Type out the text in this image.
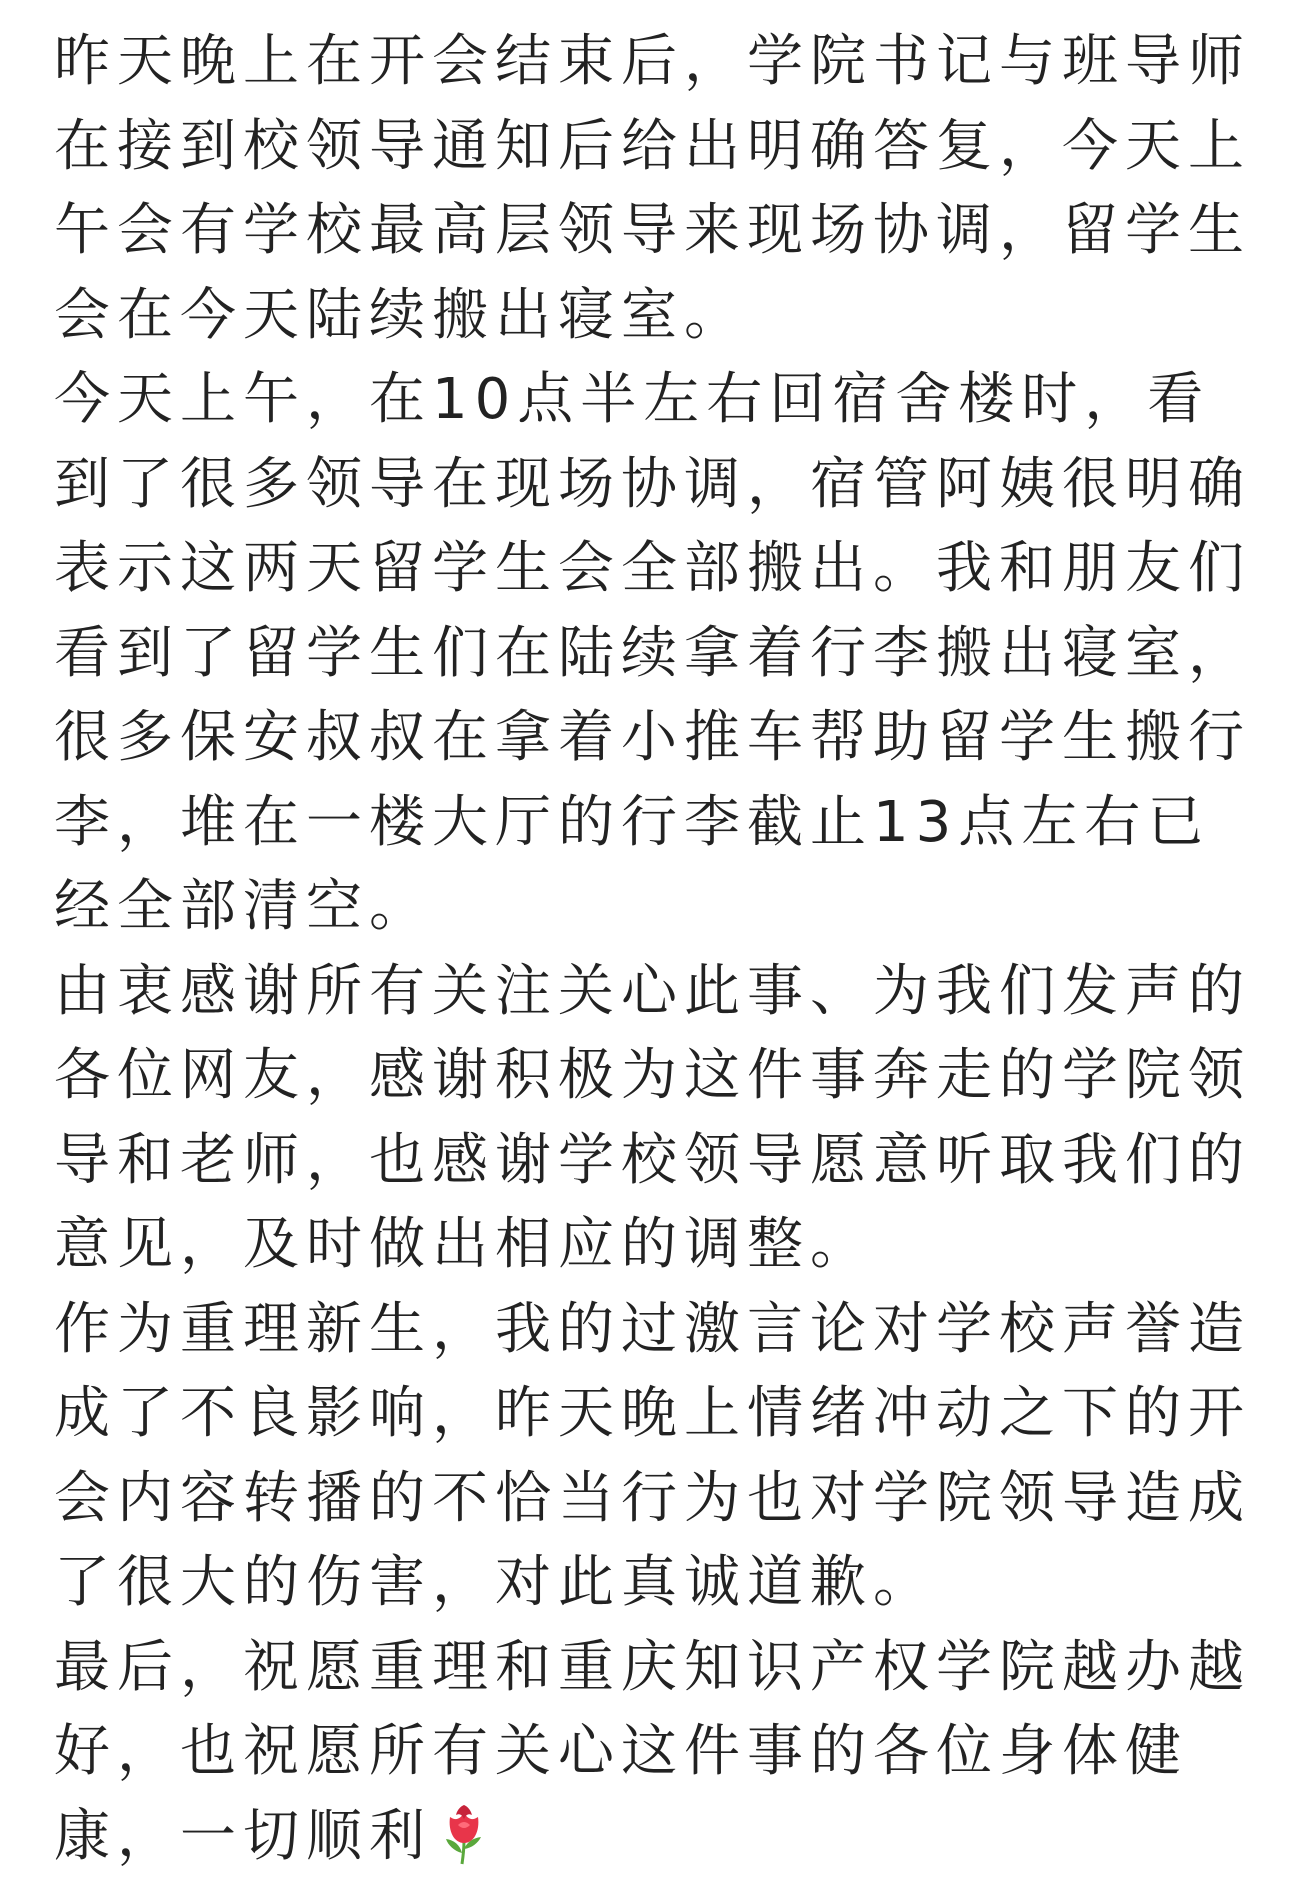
昨天晚上在开会结束后，学院书记与班导师在接到校领导通知后给出明确答复，今天上午会有学校最高层领导来现场协调，留学生会在今天陆续搬出寝室。

今天上午，在10点半左右回宿舍楼时，看到了很多领导在现场协调，宿管阿姨很明确表示这两天留学生会全部搬出。我和朋友们看到了留学生们在陆续拿着行李搬出寝室，很多保安叔叔在拿着小推车帮助留学生搬行李，堆在一楼大厅的行李截止13点左右已经全部清空。

由衷感谢所有关注关心此事、为我们发声的各位网友，感谢积极为这件事奔走的学院领导和老师，也感谢学校领导愿意听取我们的意见，及时做出相应的调整。

作为重理新生，我的过激言论对学校声誉造成了不良影响，昨天晚上情绪冲动之下的开会内容转播的不恰当行为也对学院领导造成了很大的伤害，对此真诚道歉。

最后，祝愿重理和重庆知识产权学院越办越好，也祝愿所有关心这件事的各位身体健康，一切顺利
